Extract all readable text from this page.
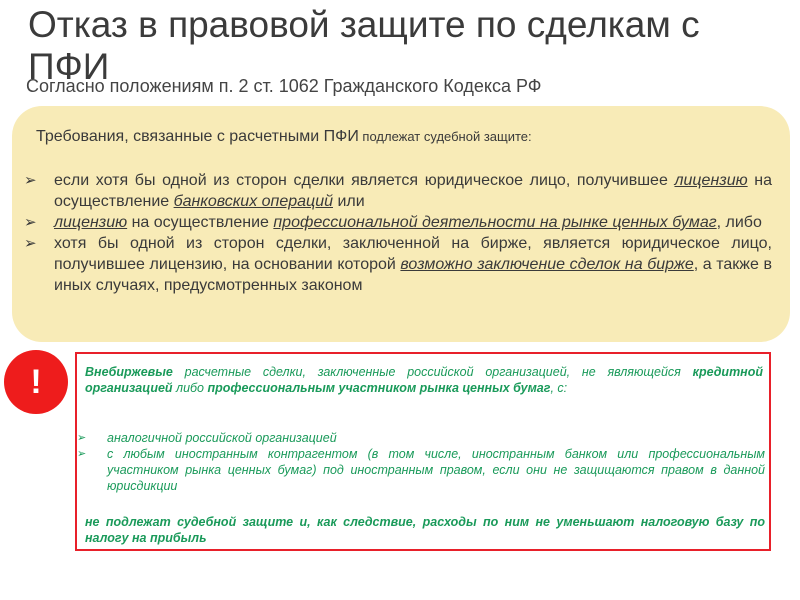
Отказ в правовой защите по сделкам с ПФИ
Согласно положениям п. 2 ст. 1062 Гражданского Кодекса РФ
Требования, связанные с расчетными ПФИ подлежат судебной защите:
➢ если хотя бы одной из сторон сделки является юридическое лицо, получившее лицензию на осуществление банковских операций или
➢ лицензию на осуществление профессиональной деятельности на рынке ценных бумаг, либо
➢ хотя бы одной из сторон сделки, заключенной на бирже, является юридическое лицо, получившее лицензию, на основании которой возможно заключение сделок на бирже, а также в иных случаях, предусмотренных законом
!	Внебиржевые расчетные сделки, заключенные российской организацией, не являющейся кредитной организацией либо профессиональным участником рынка ценных бумаг, с:
➢ аналогичной российской организацией
➢ с любым иностранным контрагентом (в том числе, иностранным банком или профессиональным участником рынка ценных бумаг) под иностранным правом, если они не защищаются правом в данной юрисдикции
не подлежат судебной защите и, как следствие, расходы по ним не уменьшают налоговую базу по налогу на прибыль
